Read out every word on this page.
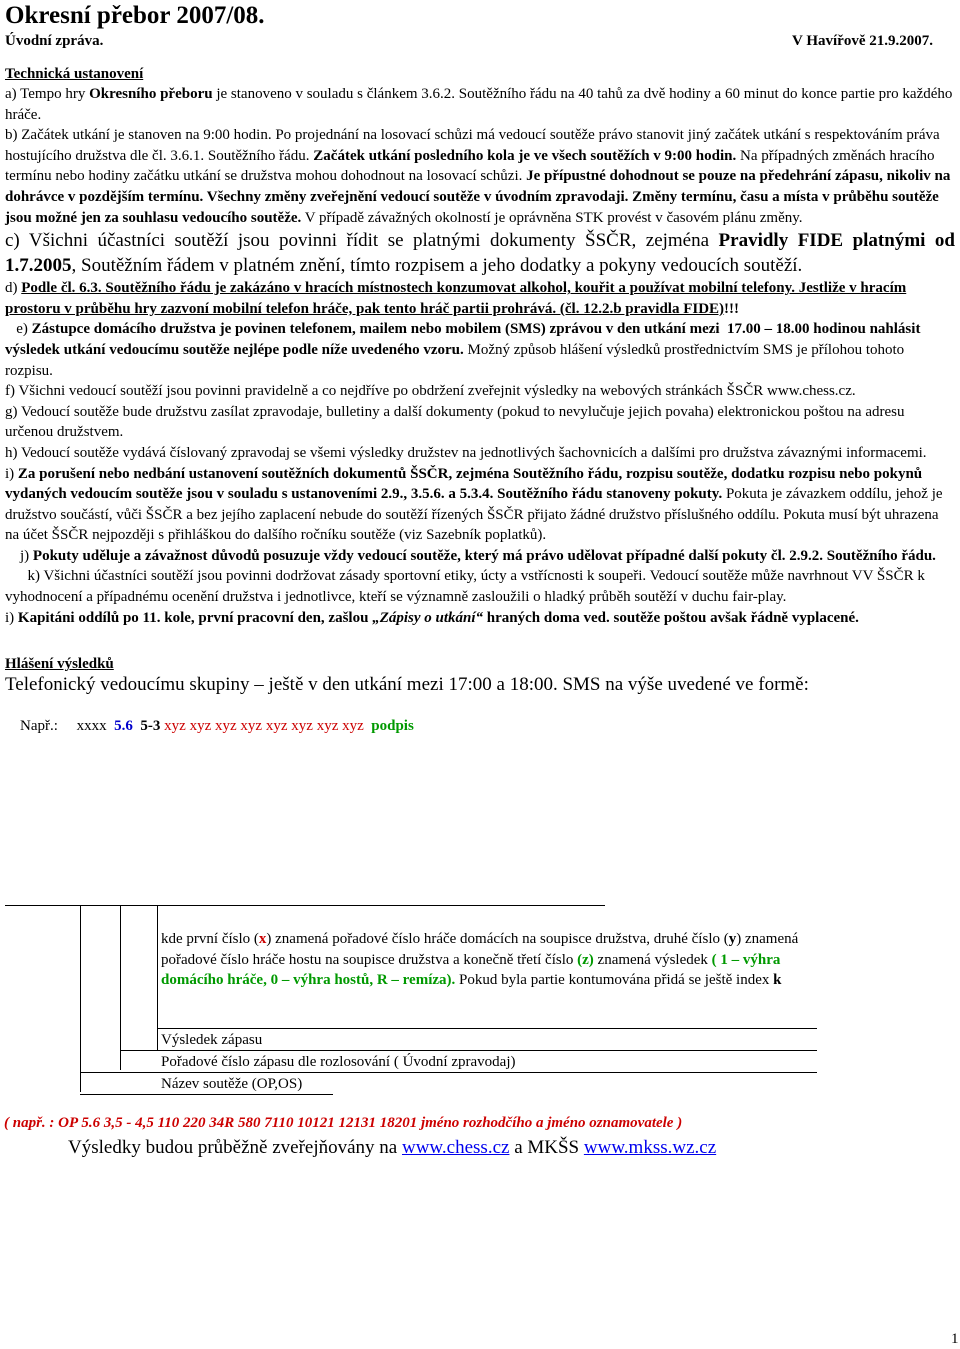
Okresní přebor 2007/08.
Úvodní zpráva.	V Havířově 21.9.2007.
Technická ustanovení

a) Tempo hry Okresního přeboru je stanoveno v souladu s článkem 3.6.2. Soutěžního řádu na 40 tahů za dvě hodiny a 60 minut do konce partie pro každého hráče.

b) Začátek utkání je stanoven na 9:00 hodin. Po projednání na losovací schůzi má vedoucí soutěže právo stanovit jiný začátek utkání s respektováním práva hostujícího družstva dle čl. 3.6.1. Soutěžního řádu. Začátek utkání posledního kola je ve všech soutěžích v 9:00 hodin. Na případných změnách hracího termínu nebo hodiny začátku utkání se družstva mohou dohodnout na losovací schůzi. Je přípustné dohodnout se pouze na předehrání zápasu, nikoliv na dohrávce v pozdějším termínu. Všechny změny zveřejnění vedoucí soutěže v úvodním zpravodaji. Změny termínu, času a místa v průběhu soutěže jsou možné jen za souhlasu vedoucího soutěže. V případě závažných okolností je oprávněna STK provést v časovém plánu změny.

c) Všichni účastníci soutěží jsou povinni řídit se platnými dokumenty ŠSČR, zejména Pravidly FIDE platnými od 1.7.2005, Soutěžním řádem v platném znění, tímto rozpisem a jeho dodatky a pokyny vedoucích soutěží.

d) Podle čl. 6.3. Soutěžního řádu je zakázáno v hracích místnostech konzumovat alkohol, kouřit a používat mobilní telefony. Jestliže v hracím prostoru v průběhu hry zazvoní mobilní telefon hráče, pak tento hráč partii prohrává. (čl. 12.2.b pravidla FIDE)!!!

e) Zástupce domácího družstva je povinen telefonem, mailem nebo mobilem (SMS) zprávou v den utkání mezi  17.00 – 18.00 hodinou nahlásit výsledek utkání vedoucímu soutěže nejlépe podle níže uvedeného vzoru. Možný způsob hlášení výsledků prostřednictvím SMS je přílohou tohoto rozpisu.

f) Všichni vedoucí soutěží jsou povinni pravidelně a co nejdříve po obdržení zveřejnit výsledky na webových stránkách ŠSČR www.chess.cz.

g) Vedoucí soutěže bude družstvu zasílat zpravodaje, bulletiny a další dokumenty (pokud to nevylučuje jejich povaha) elektronickou poštou na adresu určenou družstvem.

h) Vedoucí soutěže vydává číslovaný zpravodaj se všemi výsledky družstev na jednotlivých šachovnicích a dalšími pro družstva závaznými informacemi.

i) Za porušení nebo nedbání ustanovení soutěžních dokumentů ŠSČR, zejména Soutěžního řádu, rozpisu soutěže, dodatku rozpisu nebo pokynů vydaných vedoucím soutěže jsou v souladu s ustanoveními 2.9., 3.5.6. a 5.3.4. Soutěžního řádu stanoveny pokuty. Pokuta je závazkem oddílu, jehož je družstvo součástí, vůči ŠSČR a bez jejího zaplacení nebude do soutěží řízených ŠSČR přijato žádné družstvo příslušného oddílu. Pokuta musí být uhrazena na účet ŠSČR nejpozději s přihláškou do dalšího ročníku soutěže (viz Sazebník poplatků).

j) Pokuty uděluje a závažnost důvodů posuzuje vždy vedoucí soutěže, který má právo udělovat případné další pokuty čl. 2.9.2. Soutěžního řádu.

k) Všichni účastníci soutěží jsou povinni dodržovat zásady sportovní etiky, úcty a vstřícnosti k soupeři. Vedoucí soutěže může navrhnout VV ŠSČR k vyhodnocení a případnému ocenění družstva i jednotlivce, kteří se významně zasloužili o hladký průběh soutěží v duchu fair-play.

i) Kapitáni oddílů po 11. kole, první pracovní den, zašlou „Zápisy o utkání“ hraných doma ved. soutěže poštou avšak řádně vyplacené.

Hlášení výsledků
Telefonický vedoucímu skupiny – ještě v den utkání mezi 17:00 a 18:00. SMS na výše uvedené ve formě:

Např.: xxxx 5.6 5-3 xyz xyz xyz xyz xyz xyz xyz xyz podpis

kde první číslo (x) znamená pořadové číslo hráče domácích na soupisce družstva, druhé číslo (y) znamená pořadové číslo hráče hostu na soupisce družstva a konečně třetí číslo (z) znamená výsledek ( 1 – výhra domácího hráče, 0 – výhra hostů, R – remíza). Pokud byla partie kontumována přidá se ještě index k
Výsledek zápasu
Pořadové číslo zápasu dle rozlosování ( Úvodní zpravodaj)
Název soutěže (OP,OS)
( např. : OP 5.6 3,5 - 4,5 110 220 34R 580 7110 10121 12131 18201 jméno rozhodčího a jméno oznamovatele )
Výsledky budou průběžně zveřejňovány na www.chess.cz a MKŠS www.mkss.wz.cz
1
